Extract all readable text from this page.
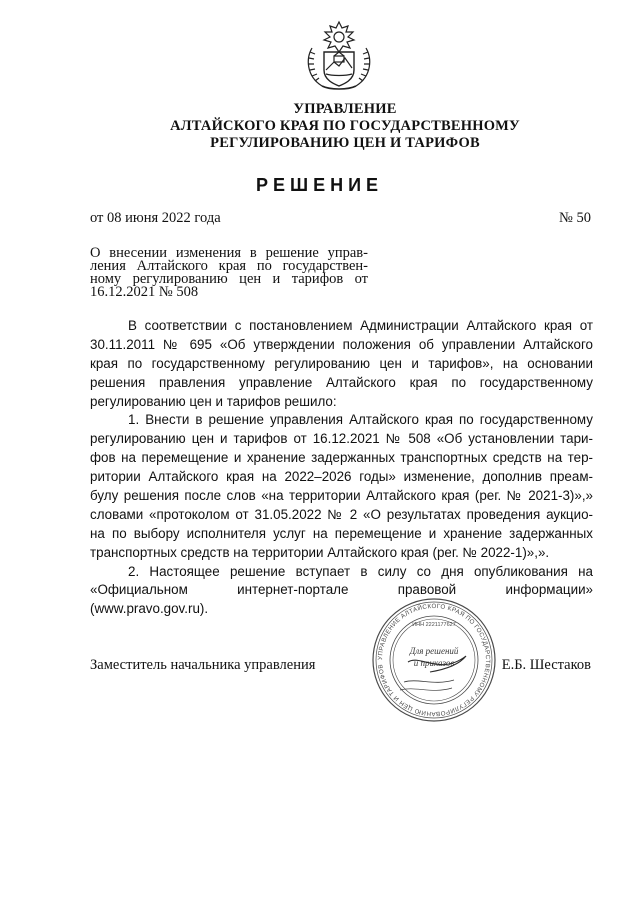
УПРАВЛЕНИЕ
АЛТАЙСКОГО КРАЯ ПО ГОСУДАРСТВЕННОМУ
РЕГУЛИРОВАНИЮ ЦЕН И ТАРИФОВ
РЕШЕНИЕ
от 08 июня 2022 года	№ 50
О внесении изменения в решение управ-
ления Алтайского края по государствен-
ному регулированию цен и тарифов от
16.12.2021 № 508
В соответствии с постановлением Администрации Алтайского края от
30.11.2011 № 695 «Об утверждении положения об управлении Алтайского
края по государственному регулированию цен и тарифов», на основании
решения правления управление Алтайского края по государственному
регулированию цен и тарифов решило:
1. Внести в решение управления Алтайского края по государственному
регулированию цен и тарифов от 16.12.2021 № 508 «Об установлении тари-
фов на перемещение и хранение задержанных транспортных средств на тер-
ритории Алтайского края на 2022–2026 годы» изменение, дополнив преам-
булу решения после слов «на территории Алтайского края (рег. № 2021-3)»,»
словами «протоколом от 31.05.2022 № 2 «О результатах проведения аукцио-
на по выбору исполнителя услуг на перемещение и хранение задержанных
транспортных средств на территории Алтайского края (рег. № 2022-1)»,».
2. Настоящее решение вступает в силу со дня опубликования на
«Официальном интернет-портале правовой информации»
(www.pravo.gov.ru).
Заместитель начальника управления	Е.Б. Шестаков
УПРАВЛЕНИЕ АЛТАЙСКОГО КРАЯ ПО ГОСУДАРСТВЕННОМУ РЕГУЛИРОВАНИЮ ЦЕН И ТАРИФОВ
ИНН 2221177627
Для решений
и приказов
